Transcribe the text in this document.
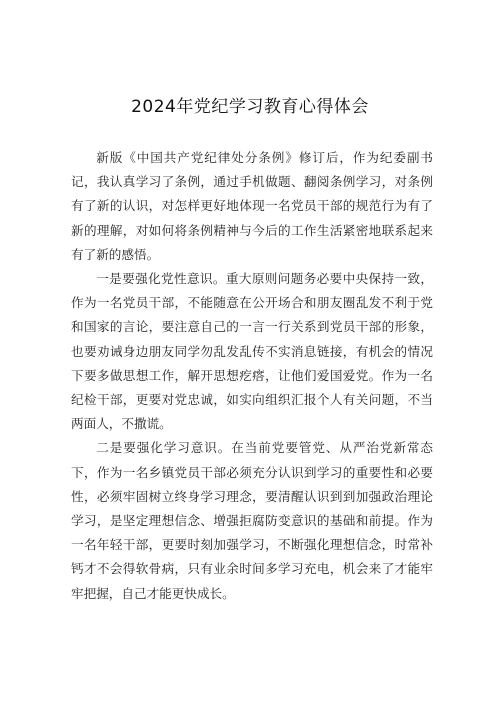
2024年党纪学习教育心得体会

新版《中国共产党纪律处分条例》修订后，作为纪委副书记，我认真学习了条例，通过手机做题、翻阅条例学习，对条例有了新的认识，对怎样更好地体现一名党员干部的规范行为有了新的理解，对如何将条例精神与今后的工作生活紧密地联系起来有了新的感悟。

一是要强化党性意识。重大原则问题务必要中央保持一致，作为一名党员干部，不能随意在公开场合和朋友圈乱发不利于党和国家的言论，要注意自己的一言一行关系到党员干部的形象，也要劝诫身边朋友同学勿乱发乱传不实消息链接，有机会的情况下要多做思想工作，解开思想疙瘩，让他们爱国爱党。作为一名纪检干部，更要对党忠诚，如实向组织汇报个人有关问题，不当两面人，不撒谎。

二是要强化学习意识。在当前党要管党、从严治党新常态下，作为一名乡镇党员干部必须充分认识到学习的重要性和必要性，必须牢固树立终身学习理念，要清醒认识到到加强政治理论学习，是坚定理想信念、增强拒腐防变意识的基础和前提。作为一名年轻干部，更要时刻加强学习，不断强化理想信念，时常补钙才不会得软骨病，只有业余时间多学习充电，机会来了才能牢牢把握，自己才能更快成长。
